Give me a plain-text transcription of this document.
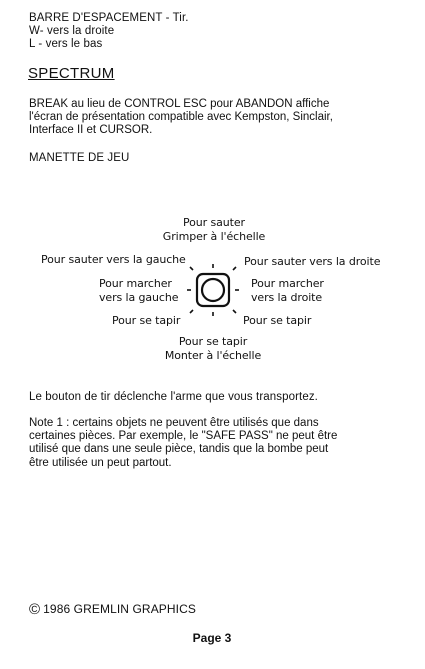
BARRE D'ESPACEMENT - Tir.
W- vers la droite
L - vers le bas
SPECTRUM
BREAK au lieu de CONTROL ESC pour ABANDON affiche
l'écran de présentation compatible avec Kempston, Sinclair,
Interface II et CURSOR.
MANETTE DE JEU
Pour sauter
Grimper à l'échelle
Pour sauter vers la gauche	Pour sauter vers la droite
Pour marcher
vers la gauche
Pour marcher
vers la droite
Pour se tapir	Pour se tapir
Pour se tapir
Monter à l'échelle
Le bouton de tir déclenche l'arme que vous transportez.
Note 1 : certains objets ne peuvent être utilisés que dans
certaines pièces. Par exemple, le "SAFE PASS" ne peut être
utilisé que dans une seule pièce, tandis que la bombe peut
être utilisée un peut partout.
© 1986 GREMLIN GRAPHICS
Page 3
